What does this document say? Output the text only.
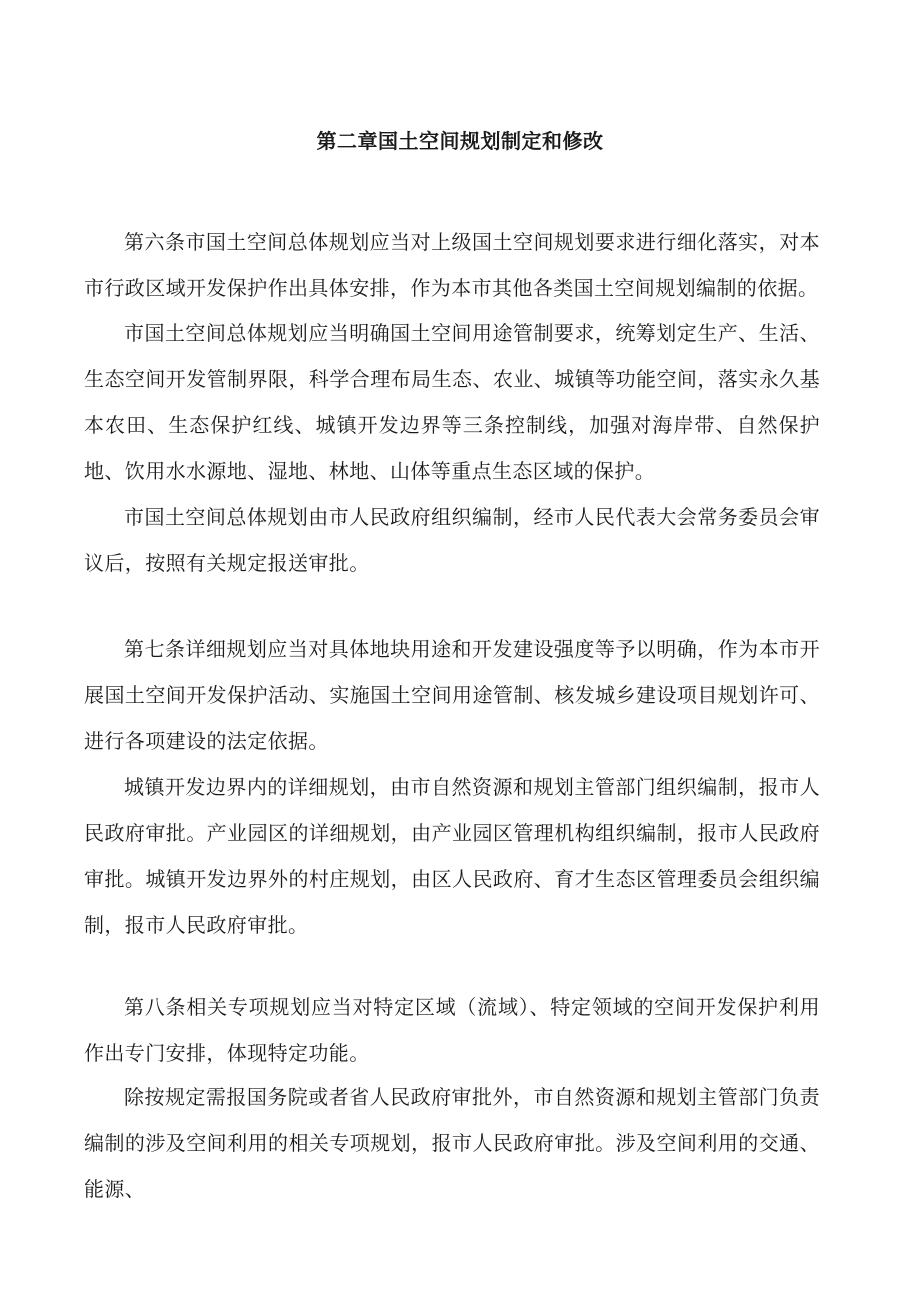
第二章国土空间规划制定和修改

第六条市国土空间总体规划应当对上级国土空间规划要求进行细化落实，对本市行政区域开发保护作出具体安排，作为本市其他各类国土空间规划编制的依据。

市国土空间总体规划应当明确国土空间用途管制要求，统筹划定生产、生活、生态空间开发管制界限，科学合理布局生态、农业、城镇等功能空间，落实永久基本农田、生态保护红线、城镇开发边界等三条控制线，加强对海岸带、自然保护地、饮用水水源地、湿地、林地、山体等重点生态区域的保护。

市国土空间总体规划由市人民政府组织编制，经市人民代表大会常务委员会审议后，按照有关规定报送审批。

第七条详细规划应当对具体地块用途和开发建设强度等予以明确，作为本市开展国土空间开发保护活动、实施国土空间用途管制、核发城乡建设项目规划许可、进行各项建设的法定依据。

城镇开发边界内的详细规划，由市自然资源和规划主管部门组织编制，报市人民政府审批。产业园区的详细规划，由产业园区管理机构组织编制，报市人民政府审批。城镇开发边界外的村庄规划，由区人民政府、育才生态区管理委员会组织编制，报市人民政府审批。

第八条相关专项规划应当对特定区域（流域）、特定领域的空间开发保护利用作出专门安排，体现特定功能。

除按规定需报国务院或者省人民政府审批外，市自然资源和规划主管部门负责编制的涉及空间利用的相关专项规划，报市人民政府审批。涉及空间利用的交通、能源、
